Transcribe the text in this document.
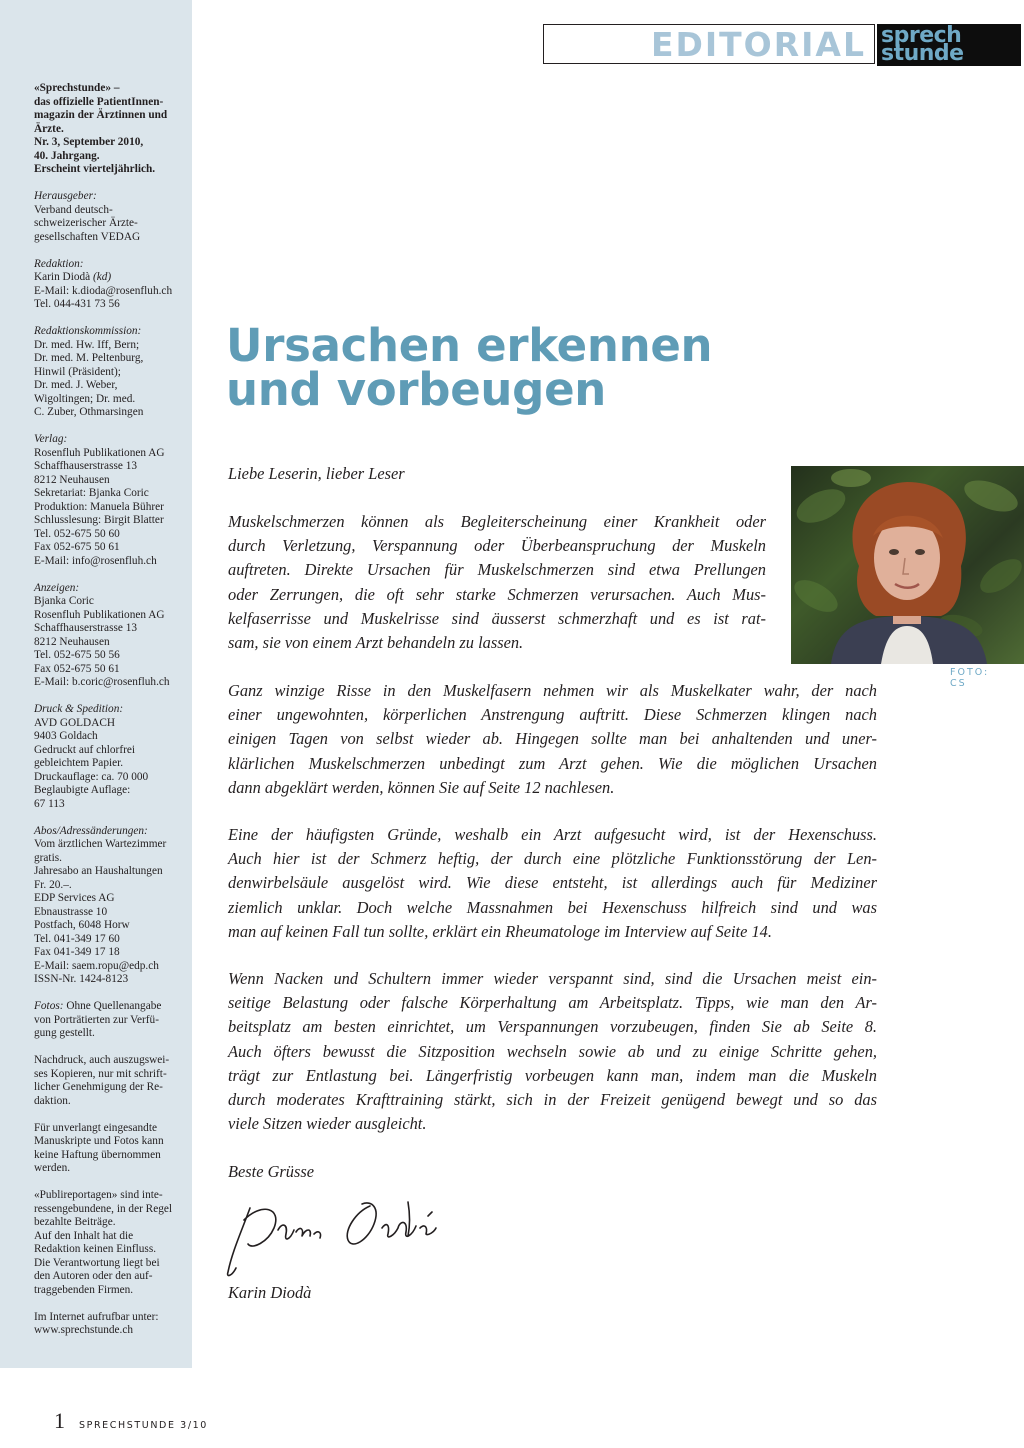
«Sprechstunde» –
das offizielle PatientInnen-
magazin der Ärztinnen und
Ärzte.
Nr. 3, September 2010,
40. Jahrgang.
Erscheint vierteljährlich.
Herausgeber:
Verband deutsch-
schweizerischer Ärzte-
gesellschaften VEDAG
Redaktion:
Karin Diodà (kd)
E-Mail: k.dioda@rosenfluh.ch
Tel. 044-431 73 56
Redaktionskommission:
Dr. med. Hw. Iff, Bern;
Dr. med. M. Peltenburg,
Hinwil (Präsident);
Dr. med. J. Weber,
Wigoltingen; Dr. med.
C. Zuber, Othmarsingen
Verlag:
Rosenfluh Publikationen AG
Schaffhauserstrasse 13
8212 Neuhausen
Sekretariat: Bjanka Coric
Produktion: Manuela Bührer
Schlusslesung: Birgit Blatter
Tel. 052-675 50 60
Fax 052-675 50 61
E-Mail: info@rosenfluh.ch
Anzeigen:
Bjanka Coric
Rosenfluh Publikationen AG
Schaffhauserstrasse 13
8212 Neuhausen
Tel. 052-675 50 56
Fax 052-675 50 61
E-Mail: b.coric@rosenfluh.ch
Druck & Spedition:
AVD GOLDACH
9403 Goldach
Gedruckt auf chlorfrei
gebleichtem Papier.
Druckauflage: ca. 70 000
Beglaubigte Auflage:
67 113
Abos/Adressänderungen:
Vom ärztlichen Wartezimmer
gratis.
Jahresabo an Haushaltungen
Fr. 20.–.
EDP Services AG
Ebnaustrasse 10
Postfach, 6048 Horw
Tel. 041-349 17 60
Fax 041-349 17 18
E-Mail: saem.ropu@edp.ch
ISSN-Nr. 1424-8123
Fotos: Ohne Quellenangabe
von Porträtierten zur Verfü-
gung gestellt.
Nachdruck, auch auszugswei-
ses Kopieren, nur mit schrift-
licher Genehmigung der Re-
daktion.
Für unverlangt eingesandte
Manuskripte und Fotos kann
keine Haftung übernommen
werden.
«Publireportagen» sind inte-
ressengebundene, in der Regel
bezahlte Beiträge.
Auf den Inhalt hat die
Redaktion keinen Einfluss.
Die Verantwortung liegt bei
den Autoren oder den auf-
traggebenden Firmen.
Im Internet aufrufbar unter:
www.sprechstunde.ch
EDITORIAL sprech
stunde
Ursachen erkennen
und vorbeugen
FOTO: CS
Liebe Leserin, lieber Leser
Muskelschmerzen können als Begleiterscheinung einer Krankheit oder
durch Verletzung, Verspannung oder Überbeanspruchung der Muskeln
auftreten. Direkte Ursachen für Muskelschmerzen sind etwa Prellungen
oder Zerrungen, die oft sehr starke Schmerzen verursachen. Auch Mus-
kelfaserrisse und Muskelrisse sind äusserst schmerzhaft und es ist rat-
sam, sie von einem Arzt behandeln zu lassen.
Ganz winzige Risse in den Muskelfasern nehmen wir als Muskelkater wahr, der nach
einer ungewohnten, körperlichen Anstrengung auftritt. Diese Schmerzen klingen nach
einigen Tagen von selbst wieder ab. Hingegen sollte man bei anhaltenden und uner-
klärlichen Muskelschmerzen unbedingt zum Arzt gehen. Wie die möglichen Ursachen
dann abgeklärt werden, können Sie auf Seite 12 nachlesen.
Eine der häufigsten Gründe, weshalb ein Arzt aufgesucht wird, ist der Hexenschuss.
Auch hier ist der Schmerz heftig, der durch eine plötzliche Funktionsstörung der Len-
denwirbelsäule ausgelöst wird. Wie diese entsteht, ist allerdings auch für Mediziner
ziemlich unklar. Doch welche Massnahmen bei Hexenschuss hilfreich sind und was
man auf keinen Fall tun sollte, erklärt ein Rheumatologe im Interview auf Seite 14.
Wenn Nacken und Schultern immer wieder verspannt sind, sind die Ursachen meist ein-
seitige Belastung oder falsche Körperhaltung am Arbeitsplatz. Tipps, wie man den Ar-
beitsplatz am besten einrichtet, um Verspannungen vorzubeugen, finden Sie ab Seite 8.
Auch öfters bewusst die Sitzposition wechseln sowie ab und zu einige Schritte gehen,
trägt zur Entlastung bei. Längerfristig vorbeugen kann man, indem man die Muskeln
durch moderates Krafttraining stärkt, sich in der Freizeit genügend bewegt und so das
viele Sitzen wieder ausgleicht.
Beste Grüsse
Karin Diodà
1 SPRECHSTUNDE 3/10
